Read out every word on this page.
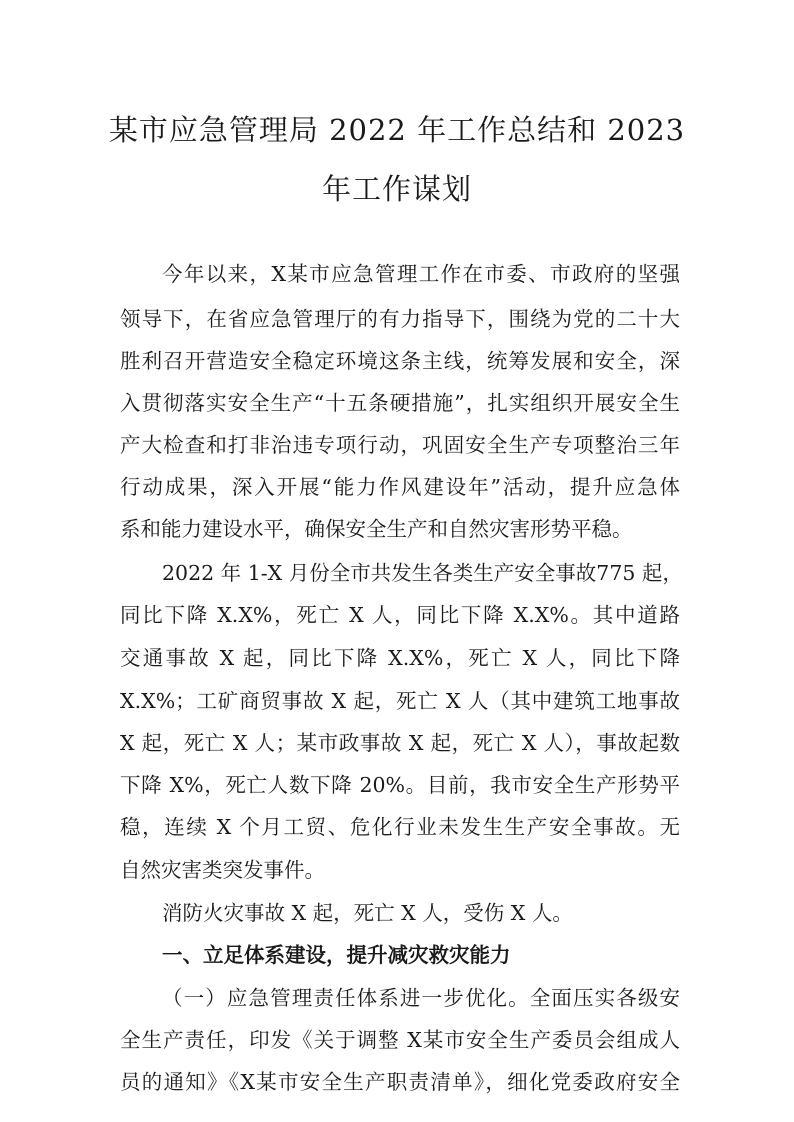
某市应急管理局 2022 年工作总结和 2023
年工作谋划
今年以来，X某市应急管理工作在市委、市政府的坚强
领导下，在省应急管理厅的有力指导下，围绕为党的二十大
胜利召开营造安全稳定环境这条主线，统筹发展和安全，深
入贯彻落实安全生产“十五条硬措施”，扎实组织开展安全生
产大检查和打非治违专项行动，巩固安全生产专项整治三年
行动成果，深入开展“能力作风建设年”活动，提升应急体
系和能力建设水平，确保安全生产和自然灾害形势平稳。
2022 年 1-X 月份全市共发生各类生产安全事故775 起，
同比下降 X.X%，死亡 X 人，同比下降 X.X%。其中道路
交通事故 X 起，同比下降 X.X%，死亡 X 人，同比下降
X.X%；工矿商贸事故 X 起，死亡 X 人（其中建筑工地事故
X 起，死亡 X 人；某市政事故 X 起，死亡 X 人），事故起数
下降 X%，死亡人数下降 20%。目前，我市安全生产形势平
稳，连续 X 个月工贸、危化行业未发生生产安全事故。无
自然灾害类突发事件。
消防火灾事故 X 起，死亡 X 人，受伤 X 人。
一、立足体系建设，提升减灾救灾能力
（一）应急管理责任体系进一步优化。全面压实各级安
全生产责任，印发《关于调整 X某市安全生产委员会组成人
员的通知》《X某市安全生产职责清单》，细化党委政府安全
